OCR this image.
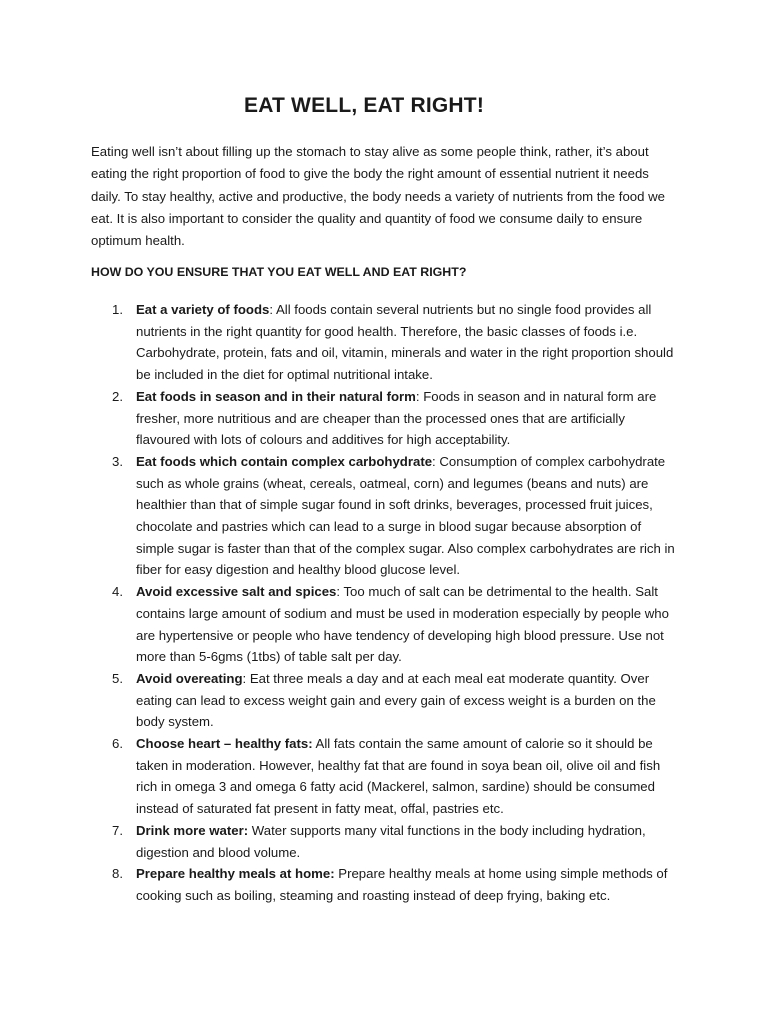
EAT WELL, EAT RIGHT!

Eating well isn’t about filling up the stomach to stay alive as some people think, rather, it’s about eating the right proportion of food to give the body the right amount of essential nutrient it needs daily. To stay healthy, active and productive, the body needs a variety of nutrients from the food we eat. It is also important to consider the quality and quantity of food we consume daily to ensure optimum health.

HOW DO YOU ENSURE THAT YOU EAT WELL AND EAT RIGHT?

1. Eat a variety of foods: All foods contain several nutrients but no single food provides all nutrients in the right quantity for good health. Therefore, the basic classes of foods i.e. Carbohydrate, protein, fats and oil, vitamin, minerals and water in the right proportion should be included in the diet for optimal nutritional intake.
2. Eat foods in season and in their natural form: Foods in season and in natural form are fresher, more nutritious and are cheaper than the processed ones that are artificially flavoured with lots of colours and additives for high acceptability.
3. Eat foods which contain complex carbohydrate: Consumption of complex carbohydrate such as whole grains (wheat, cereals, oatmeal, corn) and legumes (beans and nuts) are healthier than that of simple sugar found in soft drinks, beverages, processed fruit juices, chocolate and pastries which can lead to a surge in blood sugar because absorption of simple sugar is faster than that of the complex sugar. Also complex carbohydrates are rich in fiber for easy digestion and healthy blood glucose level.
4. Avoid excessive salt and spices: Too much of salt can be detrimental to the health. Salt contains large amount of sodium and must be used in moderation especially by people who are hypertensive or people who have tendency of developing high blood pressure. Use not more than 5-6gms (1tbs) of table salt per day.
5. Avoid overeating: Eat three meals a day and at each meal eat moderate quantity. Over eating can lead to excess weight gain and every gain of excess weight is a burden on the body system.
6. Choose heart – healthy fats: All fats contain the same amount of calorie so it should be taken in moderation. However, healthy fat that are found in soya bean oil, olive oil and fish rich in omega 3 and omega 6 fatty acid (Mackerel, salmon, sardine) should be consumed instead of saturated fat present in fatty meat, offal, pastries etc.
7. Drink more water: Water supports many vital functions in the body including hydration, digestion and blood volume.
8. Prepare healthy meals at home: Prepare healthy meals at home using simple methods of cooking such as boiling, steaming and roasting instead of deep frying, baking etc.
